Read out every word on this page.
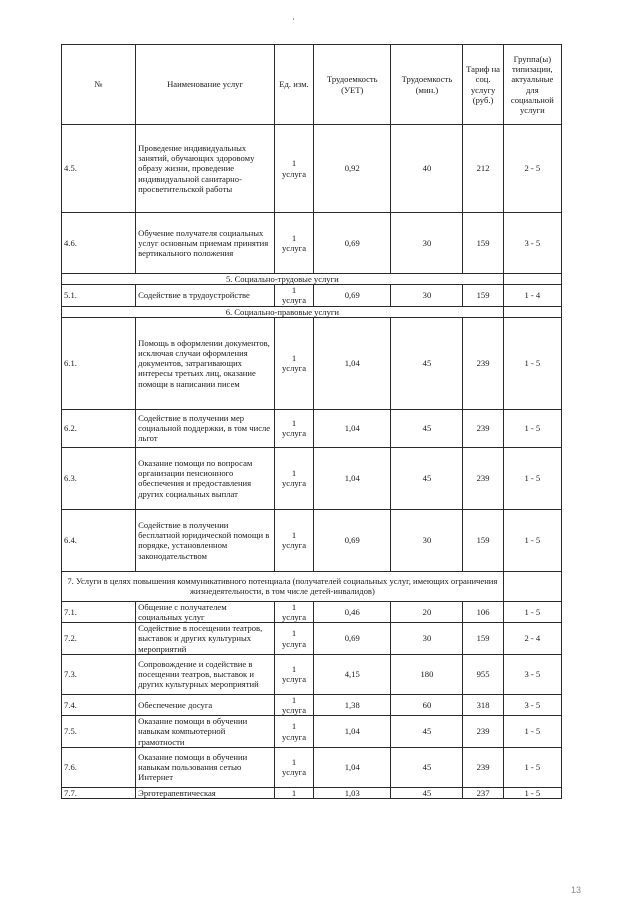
№	Наименование услуг	Ед. изм.	Трудоемкость (УЕТ)	Трудоемкость (мин.)	Тариф на соц. услугу (руб.)	Группа(ы) типизации, актуальные для социальной услуги
4.5.	Проведение индивидуальных занятий, обучающих здоровому образу жизни, проведение индивидуальной санитарно-просветительской работы	1 услуга	0,92	40	212	2 - 5
4.6.	Обучение получателя социальных услуг основным приемам принятия вертикального положения	1 услуга	0,69	30	159	3 - 5
5. Социально-трудовые услуги						
5.1.	Содействие в трудоустройстве	1 услуга	0,69	30	159	1 - 4
6. Социально-правовые услуги						
6.1.	Помощь в оформлении документов, исключая случаи оформления документов, затрагивающих интересы третьих лиц, оказание помощи в написании писем	1 услуга	1,04	45	239	1 - 5
6.2.	Содействие в получении мер социальной поддержки, в том числе льгот	1 услуга	1,04	45	239	1 - 5
6.3.	Оказание помощи по вопросам организации пенсионного обеспечения и предоставления других социальных выплат	1 услуга	1,04	45	239	1 - 5
6.4.	Содействие в получении бесплатной юридической помощи в порядке, установленном законодательством	1 услуга	0,69	30	159	1 - 5
7. Услуги в целях повышения коммуникативного потенциала (получателей социальных услуг, имеющих ограничения жизнедеятельности, в том числе детей-инвалидов)						
7.1.	Общение с получателем социальных услуг	1 услуга	0,46	20	106	1 - 5
7.2.	Содействие в посещении театров, выставок и других культурных мероприятий	1 услуга	0,69	30	159	2 - 4
7.3.	Сопровождение и содействие в посещении театров, выставок и других культурных мероприятий	1 услуга	4,15	180	955	3 - 5
7.4.	Обеспечение досуга	1 услуга	1,38	60	318	3 - 5
7.5.	Оказание помощи в обучении навыкам компьютерной грамотности	1 услуга	1,04	45	239	1 - 5
7.6.	Оказание помощи в обучении навыкам пользования сетью Интернет	1 услуга	1,04	45	239	1 - 5
7.7.	Эрготерапевтическая	1	1,03	45	237	1 - 5
13
